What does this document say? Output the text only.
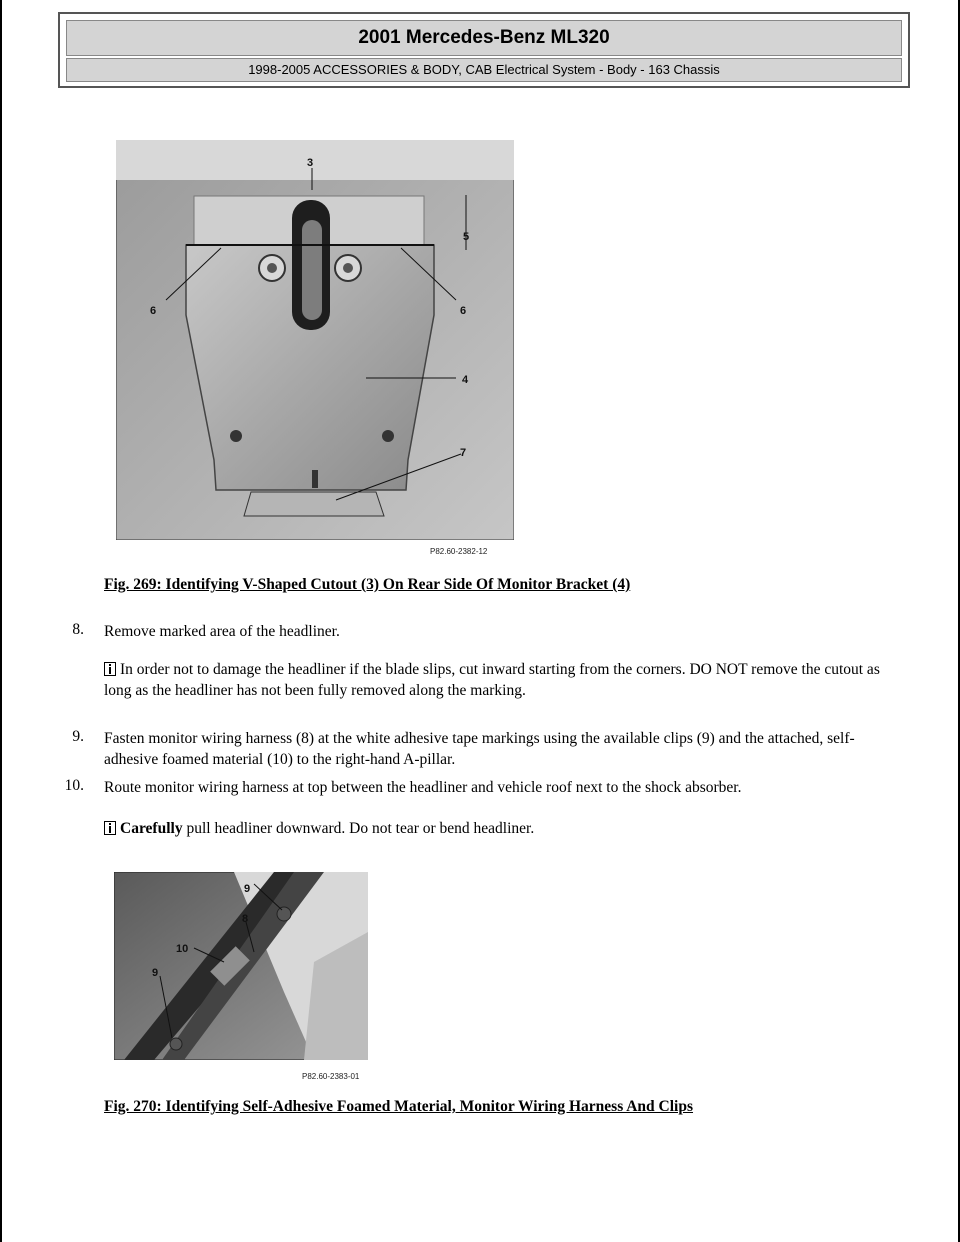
2001 Mercedes-Benz ML320
1998-2005 ACCESSORIES & BODY, CAB Electrical System - Body - 163 Chassis
3
5
6	6
4
7
P82.60-2382-12
Fig. 269: Identifying V-Shaped Cutout (3) On Rear Side Of Monitor Bracket (4)
8. Remove marked area of the headliner.
In order not to damage the headliner if the blade slips, cut inward starting from the corners. DO NOT remove the cutout as long as the headliner has not been fully removed along the marking.
9. Fasten monitor wiring harness (8) at the white adhesive tape markings using the available clips (9) and the attached, self-adhesive foamed material (10) to the right-hand A-pillar.
10. Route monitor wiring harness at top between the headliner and vehicle roof next to the shock absorber.
Carefully pull headliner downward. Do not tear or bend headliner.
9
8
10
9
P82.60-2383-01
Fig. 270: Identifying Self-Adhesive Foamed Material, Monitor Wiring Harness And Clips
